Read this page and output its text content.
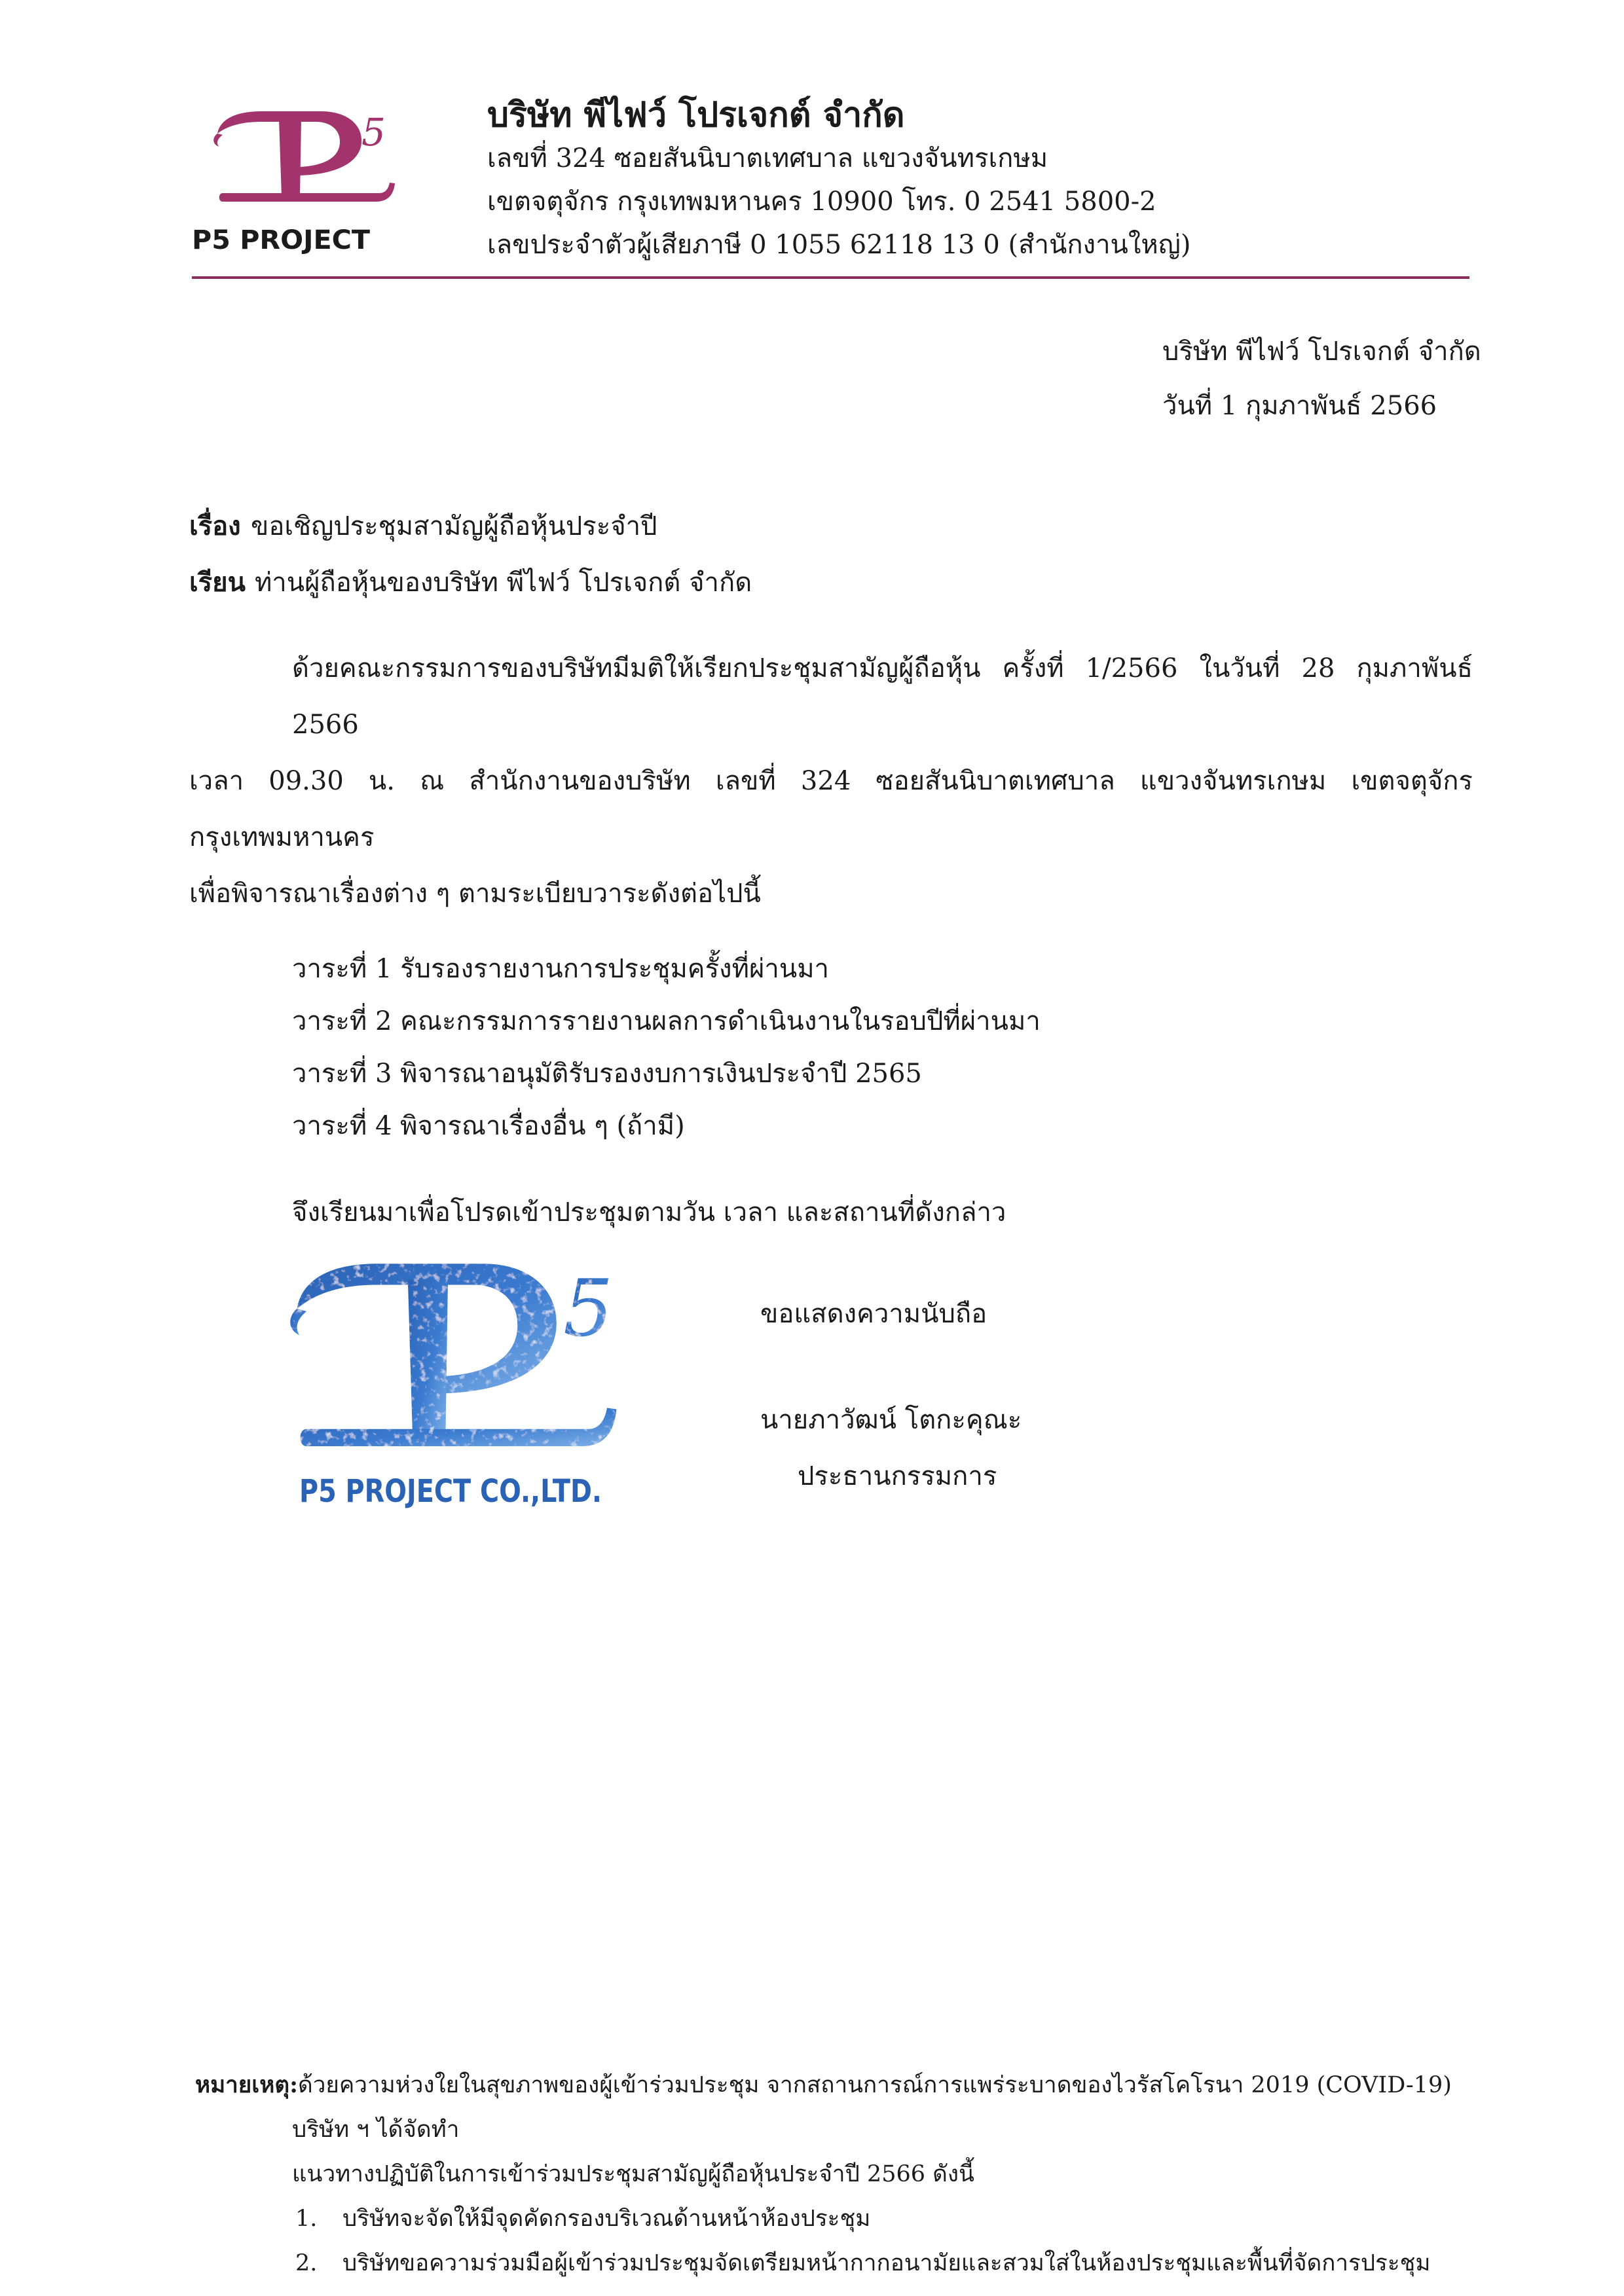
5
P5 PROJECT
บริษัท พีไฟว์ โปรเจกต์ จำกัด
เลขที่ 324 ซอยสันนิบาตเทศบาล แขวงจันทรเกษม
เขตจตุจักร กรุงเทพมหานคร 10900 โทร. 0 2541 5800-2
เลขประจำตัวผู้เสียภาษี 0 1055 62118 13 0 (สำนักงานใหญ่)
บริษัท พีไฟว์ โปรเจกต์ จำกัด
วันที่ 1 กุมภาพันธ์ 2566
เรื่อง ขอเชิญประชุมสามัญผู้ถือหุ้นประจำปี
เรียน ท่านผู้ถือหุ้นของบริษัท พีไฟว์ โปรเจกต์ จำกัด
ด้วยคณะกรรมการของบริษัทมีมติให้เรียกประชุมสามัญผู้ถือหุ้น ครั้งที่ 1/2566 ในวันที่ 28 กุมภาพันธ์ 2566
เวลา 09.30 น. ณ สำนักงานของบริษัท เลขที่ 324 ซอยสันนิบาตเทศบาล แขวงจันทรเกษม เขตจตุจักร กรุงเทพมหานคร
เพื่อพิจารณาเรื่องต่าง ๆ ตามระเบียบวาระดังต่อไปนี้
วาระที่ 1 รับรองรายงานการประชุมครั้งที่ผ่านมา
วาระที่ 2 คณะกรรมการรายงานผลการดำเนินงานในรอบปีที่ผ่านมา
วาระที่ 3 พิจารณาอนุมัติรับรองงบการเงินประจำปี 2565
วาระที่ 4 พิจารณาเรื่องอื่น ๆ (ถ้ามี)
จึงเรียนมาเพื่อโปรดเข้าประชุมตามวัน เวลา และสถานที่ดังกล่าว
5
P5 PROJECT CO.,LTD.
ขอแสดงความนับถือ
นายภาวัฒน์ โตกะคุณะ
ประธานกรรมการ
หมายเหตุ:ด้วยความห่วงใยในสุขภาพของผู้เข้าร่วมประชุม จากสถานการณ์การแพร่ระบาดของไวรัสโคโรนา 2019 (COVID-19) บริษัท ฯ ได้จัดทำ
แนวทางปฏิบัติในการเข้าร่วมประชุมสามัญผู้ถือหุ้นประจำปี 2566 ดังนี้
1. บริษัทจะจัดให้มีจุดคัดกรองบริเวณด้านหน้าห้องประชุม
2. บริษัทขอความร่วมมือผู้เข้าร่วมประชุมจัดเตรียมหน้ากากอนามัยและสวมใส่ในห้องประชุมและพื้นที่จัดการประชุม
